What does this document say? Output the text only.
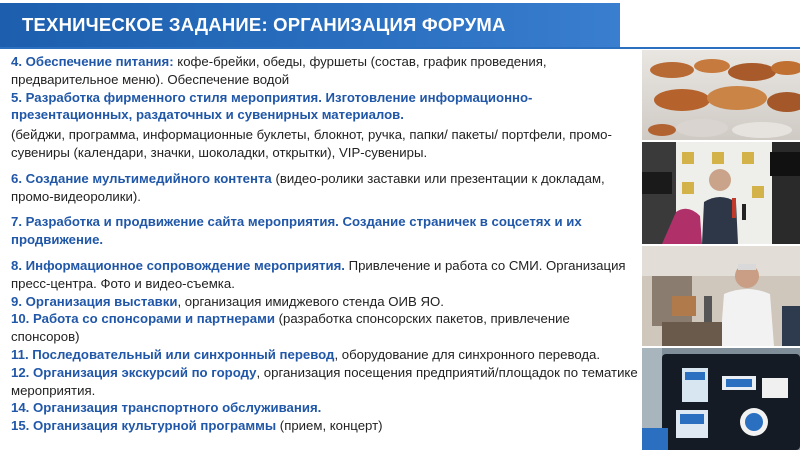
ТЕХНИЧЕСКОЕ ЗАДАНИЕ: ОРГАНИЗАЦИЯ ФОРУМА

4. Обеспечение питания: кофе-брейки, обеды, фуршеты (состав, график проведения, предварительное меню). Обеспечение водой

5. Разработка фирменного стиля мероприятия. Изготовление информационно-презентационных, раздаточных и сувенирных материалов.

(бейджи, программа, информационные буклеты, блокнот, ручка, папки/ пакеты/ портфели, промо-сувениры (календари, значки, шоколадки, открытки), VIP-сувениры.

6. Создание мультимедийного контента (видео-ролики заставки или презентации к докладам, промо-видеоролики).

7. Разработка и продвижение сайта мероприятия. Создание страничек в соцсетях и их продвижение.

8. Информационное сопровождение мероприятия. Привлечение и работа со СМИ. Организация пресс-центра. Фото и видео-съемка.

9. Организация выставки, организация имиджевого стенда ОИВ ЯО.

10. Работа со спонсорами и партнерами (разработка спонсорских пакетов, привлечение спонсоров)

11. Последовательный или синхронный перевод, оборудование для синхронного перевода.

12. Организация экскурсий по городу, организация посещения предприятий/площадок по тематике мероприятия.

14. Организация транспортного обслуживания.

15. Организация культурной программы (прием, концерт)
